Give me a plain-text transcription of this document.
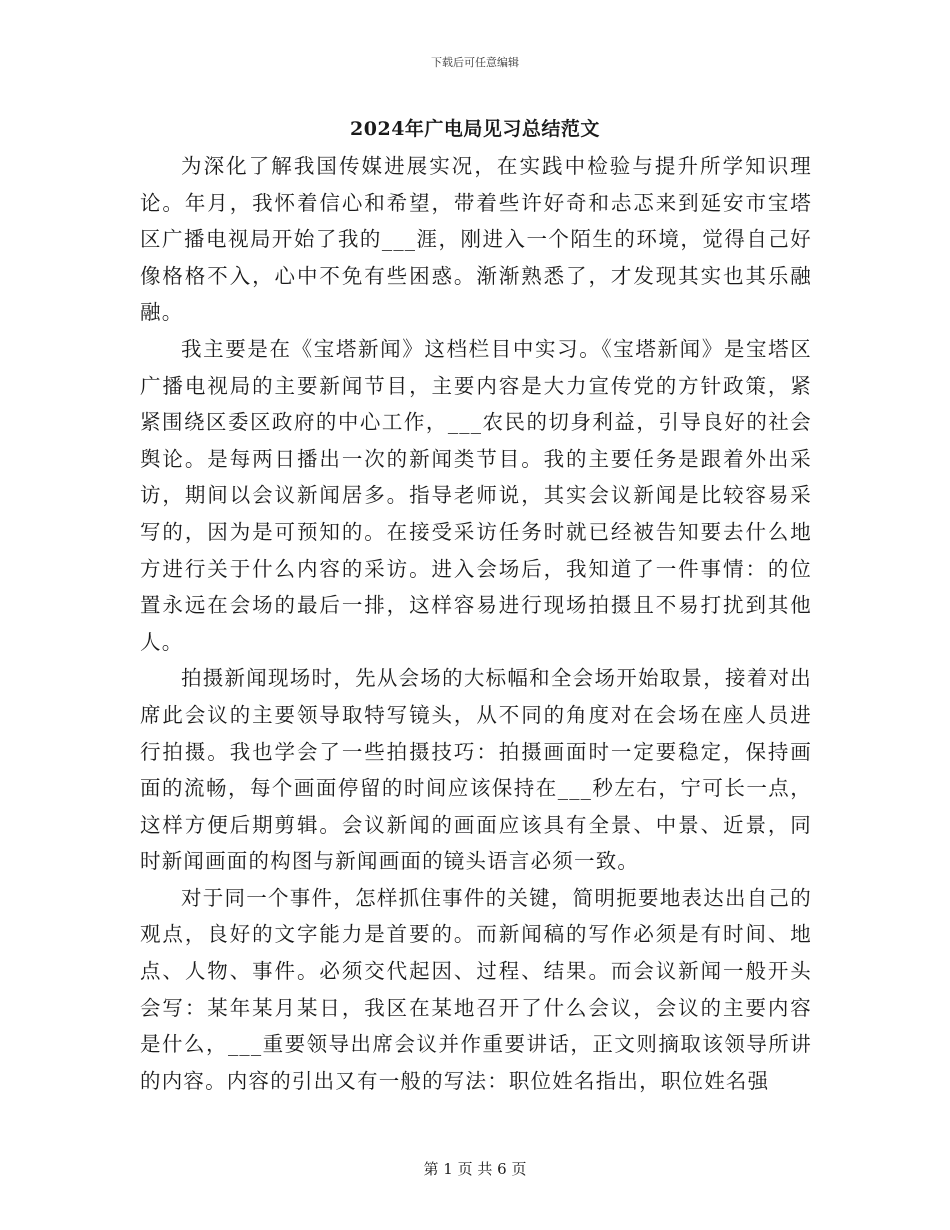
下载后可任意编辑
2024年广电局见习总结范文

为深化了解我国传媒进展实况，在实践中检验与提升所学知识理论。年月，我怀着信心和希望，带着些许好奇和忐忑来到延安市宝塔区广播电视局开始了我的___涯，刚进入一个陌生的环境，觉得自己好像格格不入，心中不免有些困惑。渐渐熟悉了，才发现其实也其乐融融。

我主要是在《宝塔新闻》这档栏目中实习。《宝塔新闻》是宝塔区广播电视局的主要新闻节目，主要内容是大力宣传党的方针政策，紧紧围绕区委区政府的中心工作，___农民的切身利益，引导良好的社会舆论。是每两日播出一次的新闻类节目。我的主要任务是跟着外出采访，期间以会议新闻居多。指导老师说，其实会议新闻是比较容易采写的，因为是可预知的。在接受采访任务时就已经被告知要去什么地方进行关于什么内容的采访。进入会场后，我知道了一件事情：的位置永远在会场的最后一排，这样容易进行现场拍摄且不易打扰到其他人。

拍摄新闻现场时，先从会场的大标幅和全会场开始取景，接着对出席此会议的主要领导取特写镜头，从不同的角度对在会场在座人员进行拍摄。我也学会了一些拍摄技巧：拍摄画面时一定要稳定，保持画面的流畅，每个画面停留的时间应该保持在___秒左右，宁可长一点，这样方便后期剪辑。会议新闻的画面应该具有全景、中景、近景，同时新闻画面的构图与新闻画面的镜头语言必须一致。

对于同一个事件，怎样抓住事件的关键，简明扼要地表达出自己的观点，良好的文字能力是首要的。而新闻稿的写作必须是有时间、地点、人物、事件。必须交代起因、过程、结果。而会议新闻一般开头会写：某年某月某日，我区在某地召开了什么会议，会议的主要内容是什么，___重要领导出席会议并作重要讲话，正文则摘取该领导所讲的内容。内容的引出又有一般的写法：职位姓名指出，职位姓名强

第 1 页 共 6 页
